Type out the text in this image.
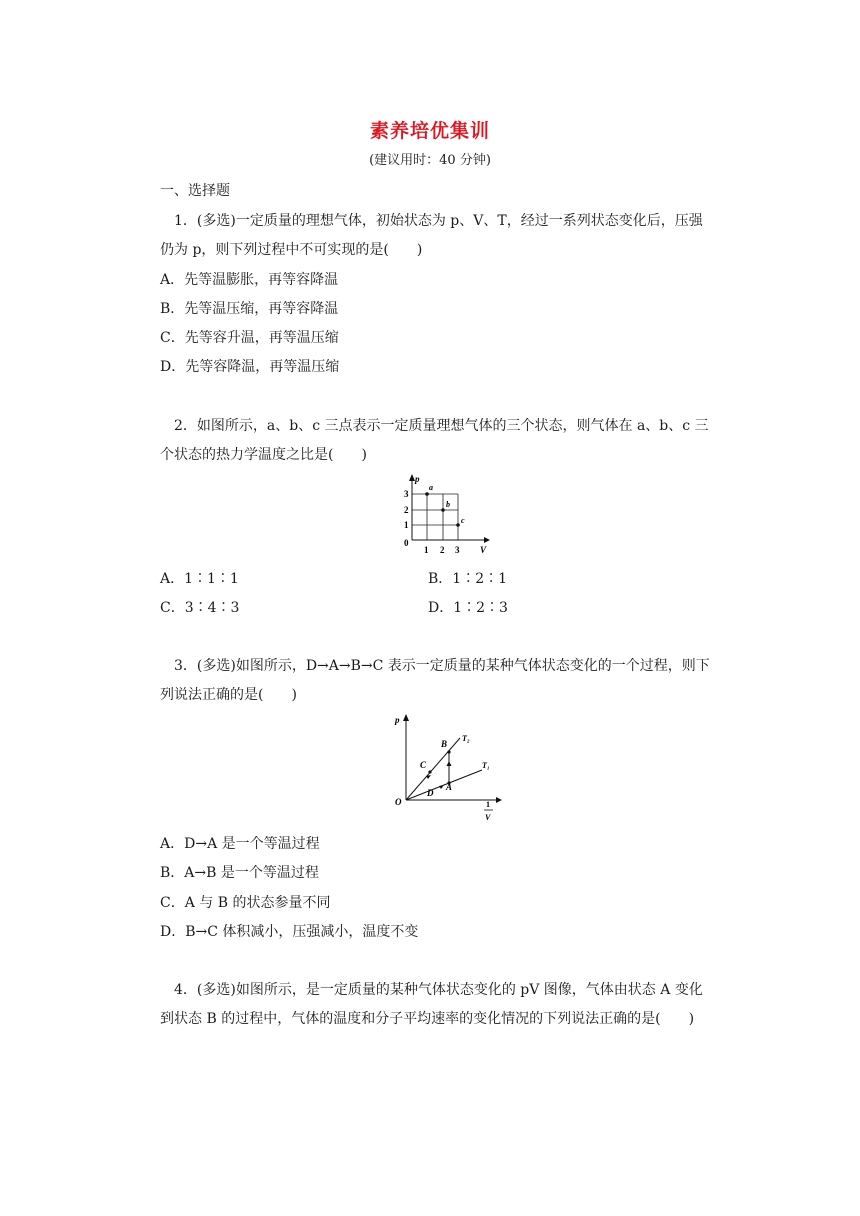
素养培优集训
(建议用时：40 分钟)
一、选择题
1．(多选)一定质量的理想气体，初始状态为 p、V、T，经过一系列状态变化后，压强
仍为 p，则下列过程中不可实现的是(　　)
A．先等温膨胀，再等容降温
B．先等温压缩，再等容降温
C．先等容升温，再等温压缩
D．先等容降温，再等温压缩
2．如图所示，a、b、c 三点表示一定质量理想气体的三个状态，则气体在 a、b、c 三
个状态的热力学温度之比是(　　)
p
V
0
1 2 3
1
2
3
a
b
c
A．1∶1∶1	B．1∶2∶1
C．3∶4∶3	D．1∶2∶3
3．(多选)如图所示，D→A→B→C 表示一定质量的某种气体状态变化的一个过程，则下
列说法正确的是(　　)
p
O	1
V
T₂
T₁
B
C
D
A
A．D→A 是一个等温过程
B．A→B 是一个等温过程
C．A 与 B 的状态参量不同
D．B→C 体积减小，压强减小，温度不变
4．(多选)如图所示，是一定质量的某种气体状态变化的 pV 图像，气体由状态 A 变化
到状态 B 的过程中，气体的温度和分子平均速率的变化情况的下列说法正确的是(　　)
